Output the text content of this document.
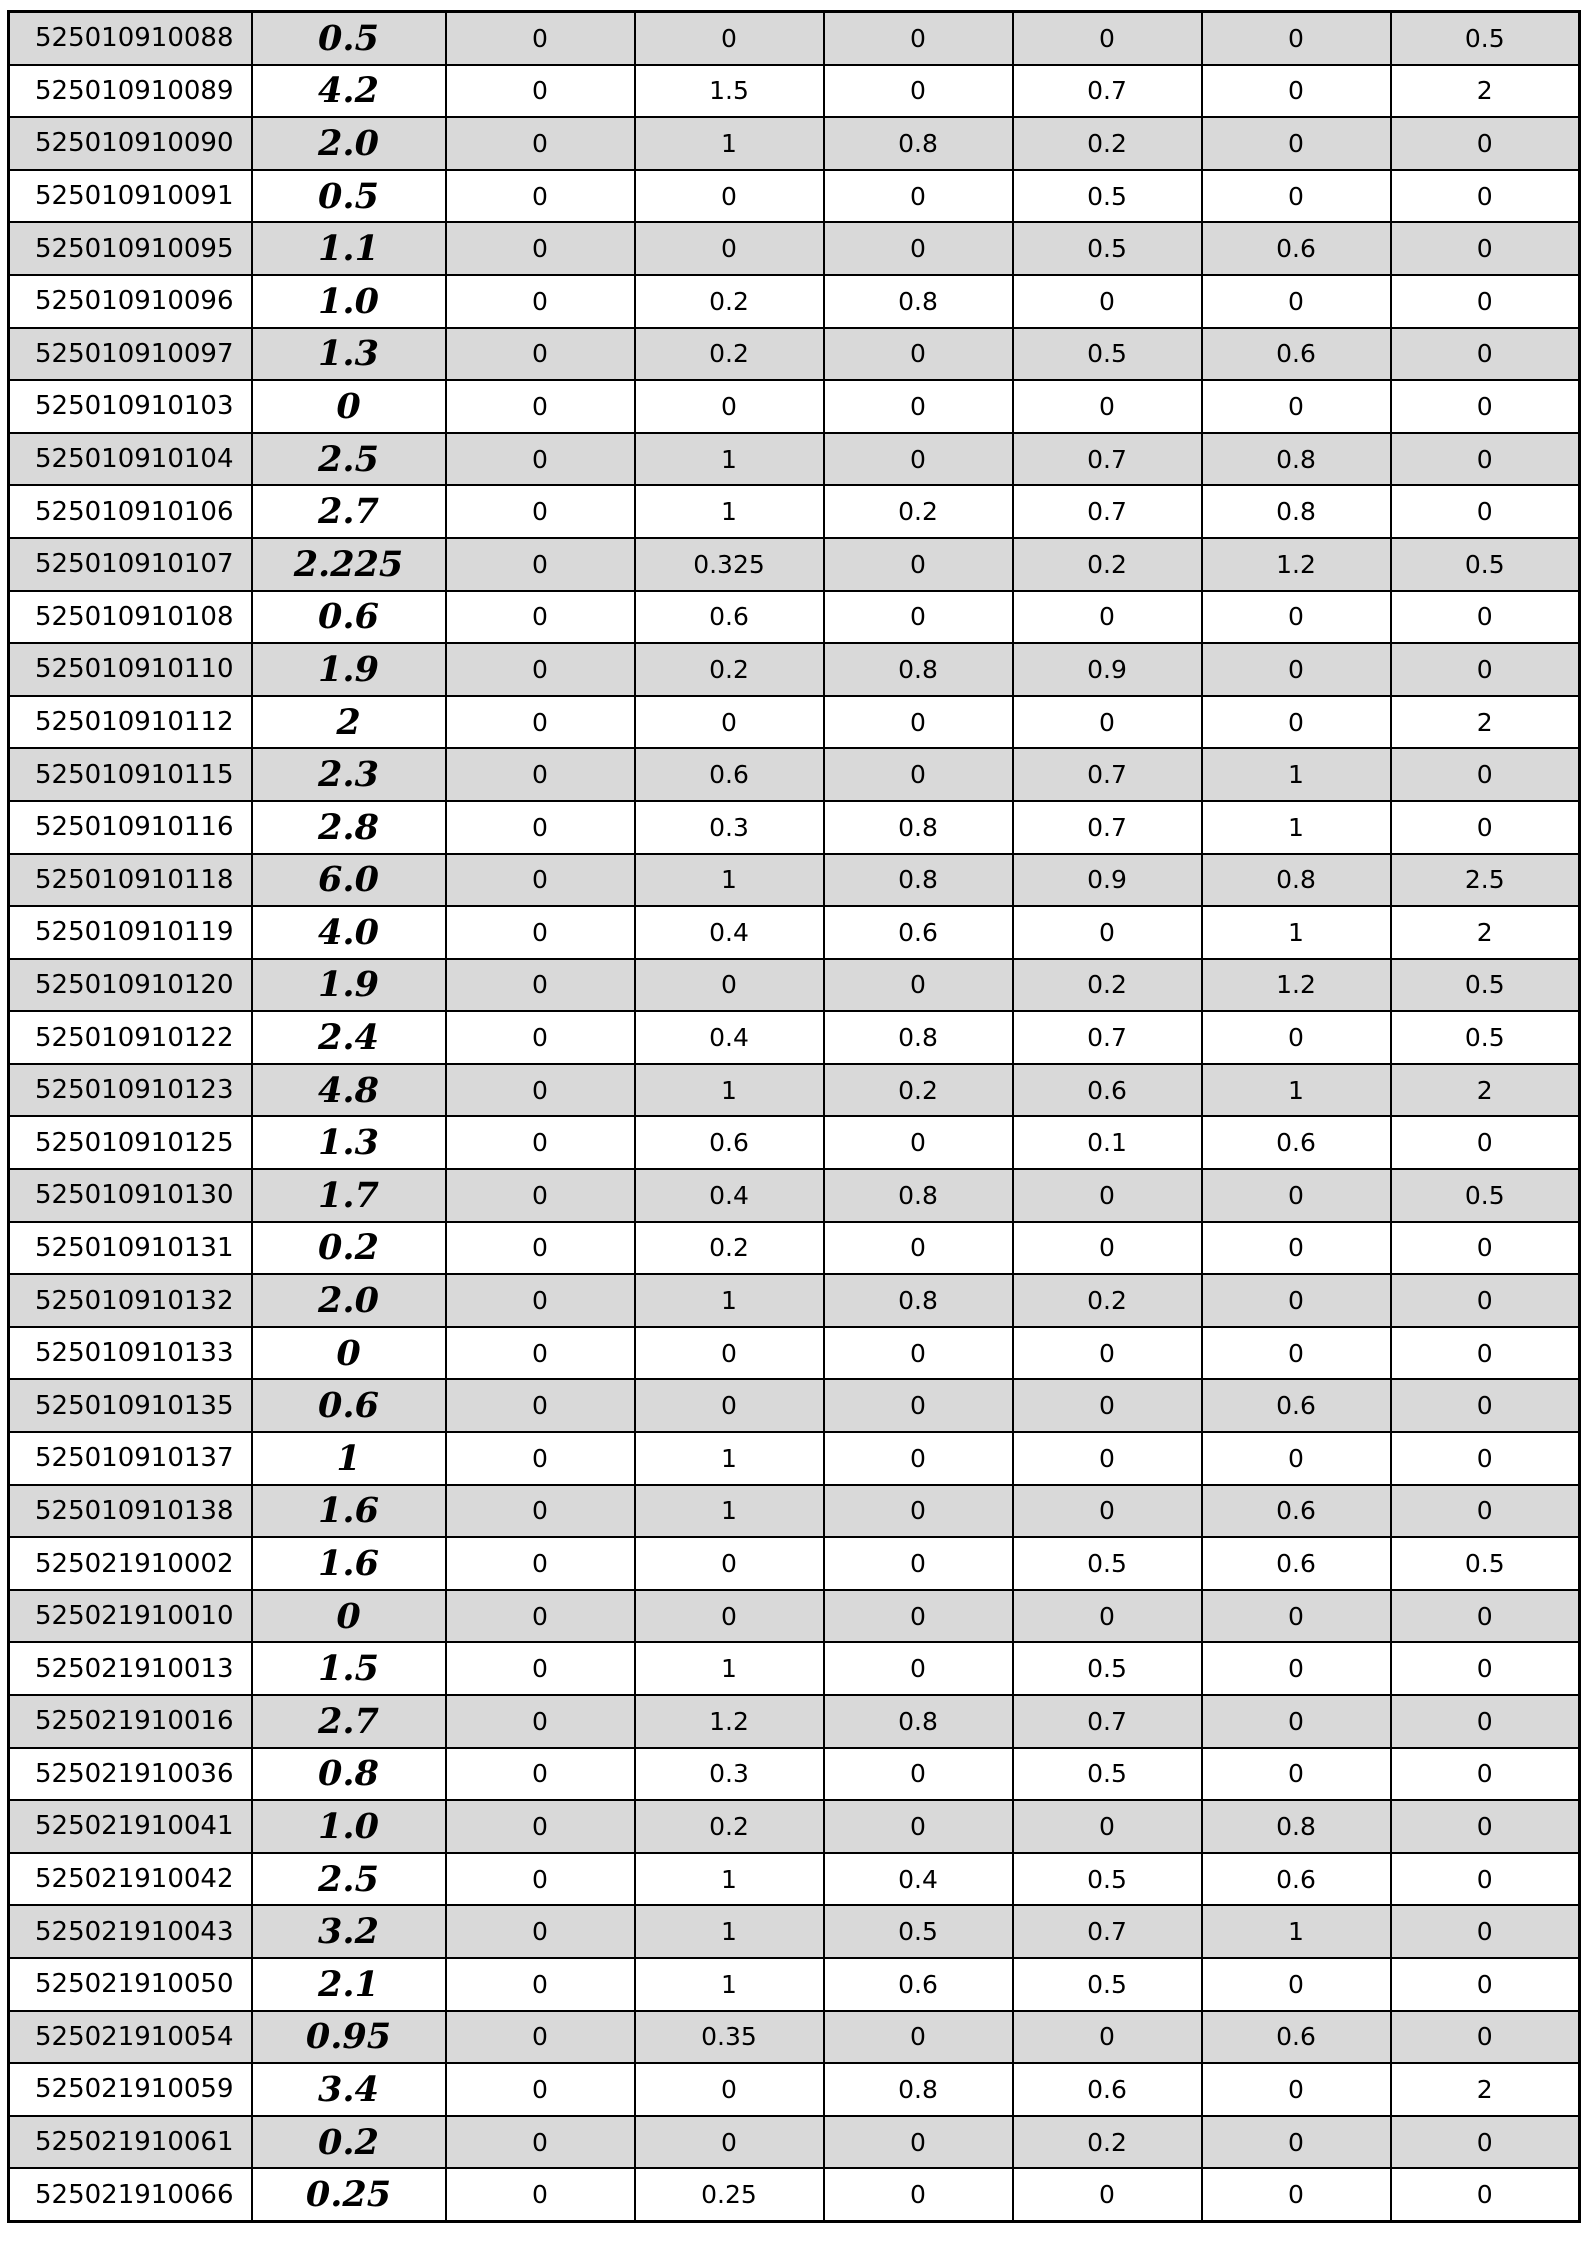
525010910088	0.5	0	0	0	0	0	0.5
525010910089	4.2	0	1.5	0	0.7	0	2
525010910090	2.0	0	1	0.8	0.2	0	0
525010910091	0.5	0	0	0	0.5	0	0
525010910095	1.1	0	0	0	0.5	0.6	0
525010910096	1.0	0	0.2	0.8	0	0	0
525010910097	1.3	0	0.2	0	0.5	0.6	0
525010910103	0	0	0	0	0	0	0
525010910104	2.5	0	1	0	0.7	0.8	0
525010910106	2.7	0	1	0.2	0.7	0.8	0
525010910107	2.225	0	0.325	0	0.2	1.2	0.5
525010910108	0.6	0	0.6	0	0	0	0
525010910110	1.9	0	0.2	0.8	0.9	0	0
525010910112	2	0	0	0	0	0	2
525010910115	2.3	0	0.6	0	0.7	1	0
525010910116	2.8	0	0.3	0.8	0.7	1	0
525010910118	6.0	0	1	0.8	0.9	0.8	2.5
525010910119	4.0	0	0.4	0.6	0	1	2
525010910120	1.9	0	0	0	0.2	1.2	0.5
525010910122	2.4	0	0.4	0.8	0.7	0	0.5
525010910123	4.8	0	1	0.2	0.6	1	2
525010910125	1.3	0	0.6	0	0.1	0.6	0
525010910130	1.7	0	0.4	0.8	0	0	0.5
525010910131	0.2	0	0.2	0	0	0	0
525010910132	2.0	0	1	0.8	0.2	0	0
525010910133	0	0	0	0	0	0	0
525010910135	0.6	0	0	0	0	0.6	0
525010910137	1	0	1	0	0	0	0
525010910138	1.6	0	1	0	0	0.6	0
525021910002	1.6	0	0	0	0.5	0.6	0.5
525021910010	0	0	0	0	0	0	0
525021910013	1.5	0	1	0	0.5	0	0
525021910016	2.7	0	1.2	0.8	0.7	0	0
525021910036	0.8	0	0.3	0	0.5	0	0
525021910041	1.0	0	0.2	0	0	0.8	0
525021910042	2.5	0	1	0.4	0.5	0.6	0
525021910043	3.2	0	1	0.5	0.7	1	0
525021910050	2.1	0	1	0.6	0.5	0	0
525021910054	0.95	0	0.35	0	0	0.6	0
525021910059	3.4	0	0	0.8	0.6	0	2
525021910061	0.2	0	0	0	0.2	0	0
525021910066	0.25	0	0.25	0	0	0	0
